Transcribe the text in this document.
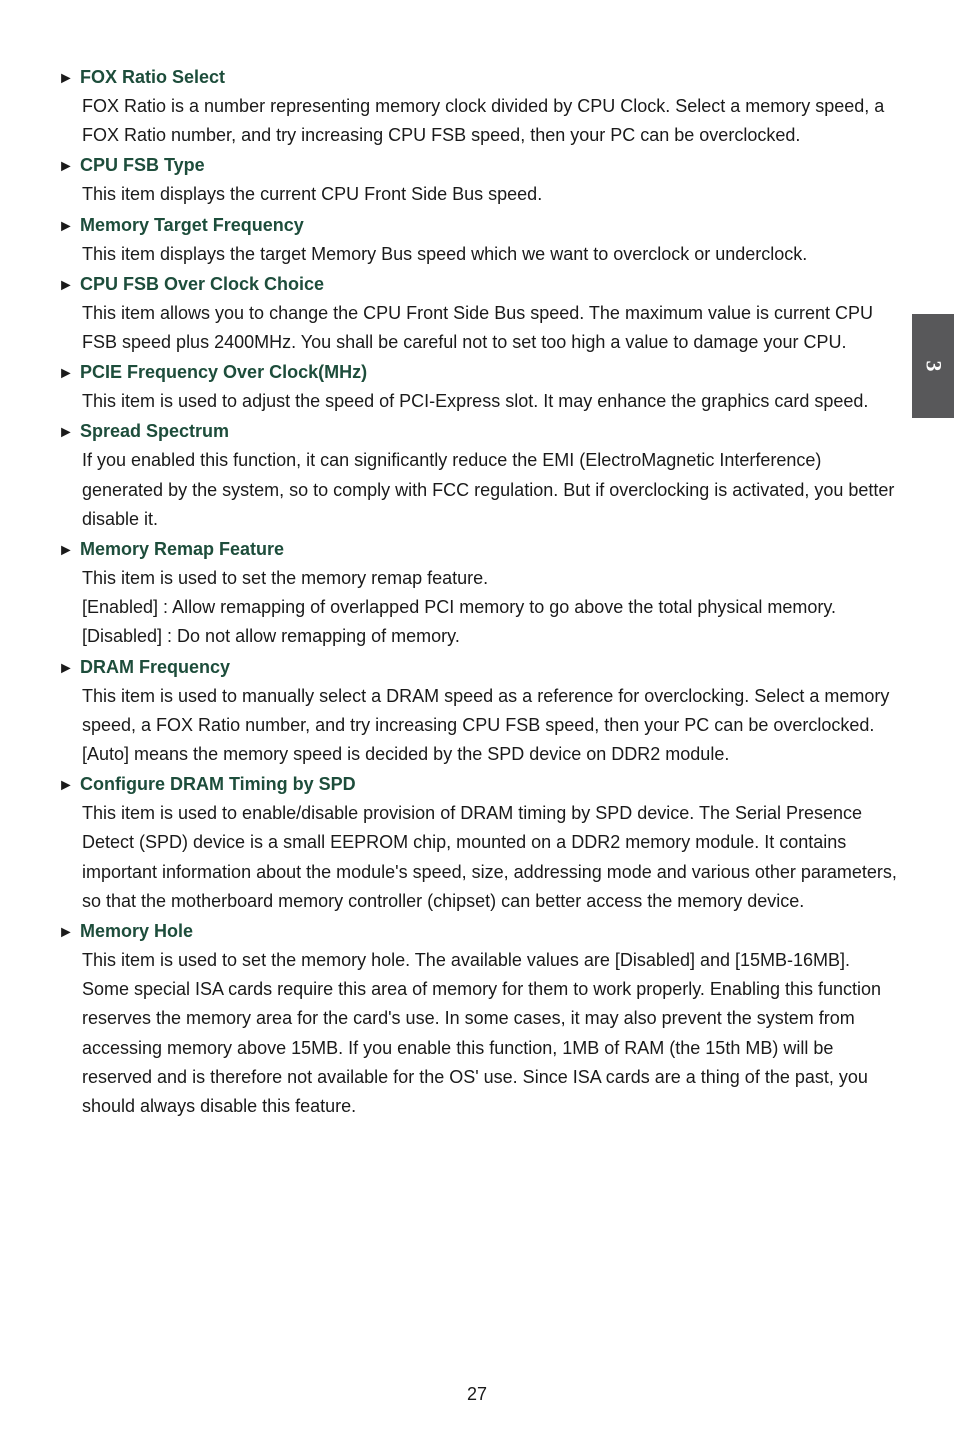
► FOX Ratio Select

FOX Ratio is a number representing memory clock divided by CPU Clock. Select a memory speed, a FOX Ratio number, and try increasing CPU FSB speed, then your PC can be overclocked.

► CPU FSB Type

This item displays the current CPU Front Side Bus speed.

► Memory Target Frequency

This item displays the target Memory Bus speed which we want to overclock or underclock.

► CPU FSB Over Clock Choice

This item allows you to change the CPU Front Side Bus speed. The maximum value is current CPU FSB speed plus 2400MHz. You shall be careful not to set too high a value to damage your CPU.

► PCIE Frequency Over Clock(MHz)

This item is used to adjust the speed of PCI-Express slot. It may enhance the graphics card speed.

► Spread Spectrum

If you enabled this function, it can significantly reduce the EMI (ElectroMagnetic Interference) generated by the system, so to comply with FCC regulation. But if overclocking is activated, you better disable it.

► Memory Remap Feature

This item is used to set the memory remap feature.

[Enabled] : Allow remapping of overlapped PCI memory to go above the total physical memory.

[Disabled] : Do not allow remapping of memory.

► DRAM Frequency

This item is used to manually select a DRAM speed as a reference for overclocking. Select a memory speed, a FOX Ratio number, and try increasing CPU FSB speed, then your PC can be overclocked. [Auto] means the memory speed is decided by the SPD device on DDR2 module.

► Configure DRAM Timing by SPD

This item is used to enable/disable provision of DRAM timing by SPD device. The Serial Presence Detect (SPD) device is a small EEPROM chip, mounted on a DDR2 memory module. It contains important information about the module's speed, size, addressing mode and various other parameters, so that the motherboard memory controller (chipset) can better access the memory device.

► Memory Hole

This item is used to set the memory hole. The available values are [Disabled] and [15MB-16MB].

Some special ISA cards require this area of memory for them to work properly. Enabling this function reserves the memory area for the card's use. In some cases, it may also prevent the system from accessing memory above 15MB. If you enable this function, 1MB of RAM (the 15th MB) will be reserved and is therefore not available for the OS' use. Since ISA cards are a thing of the past, you should always disable this feature.

3
27
